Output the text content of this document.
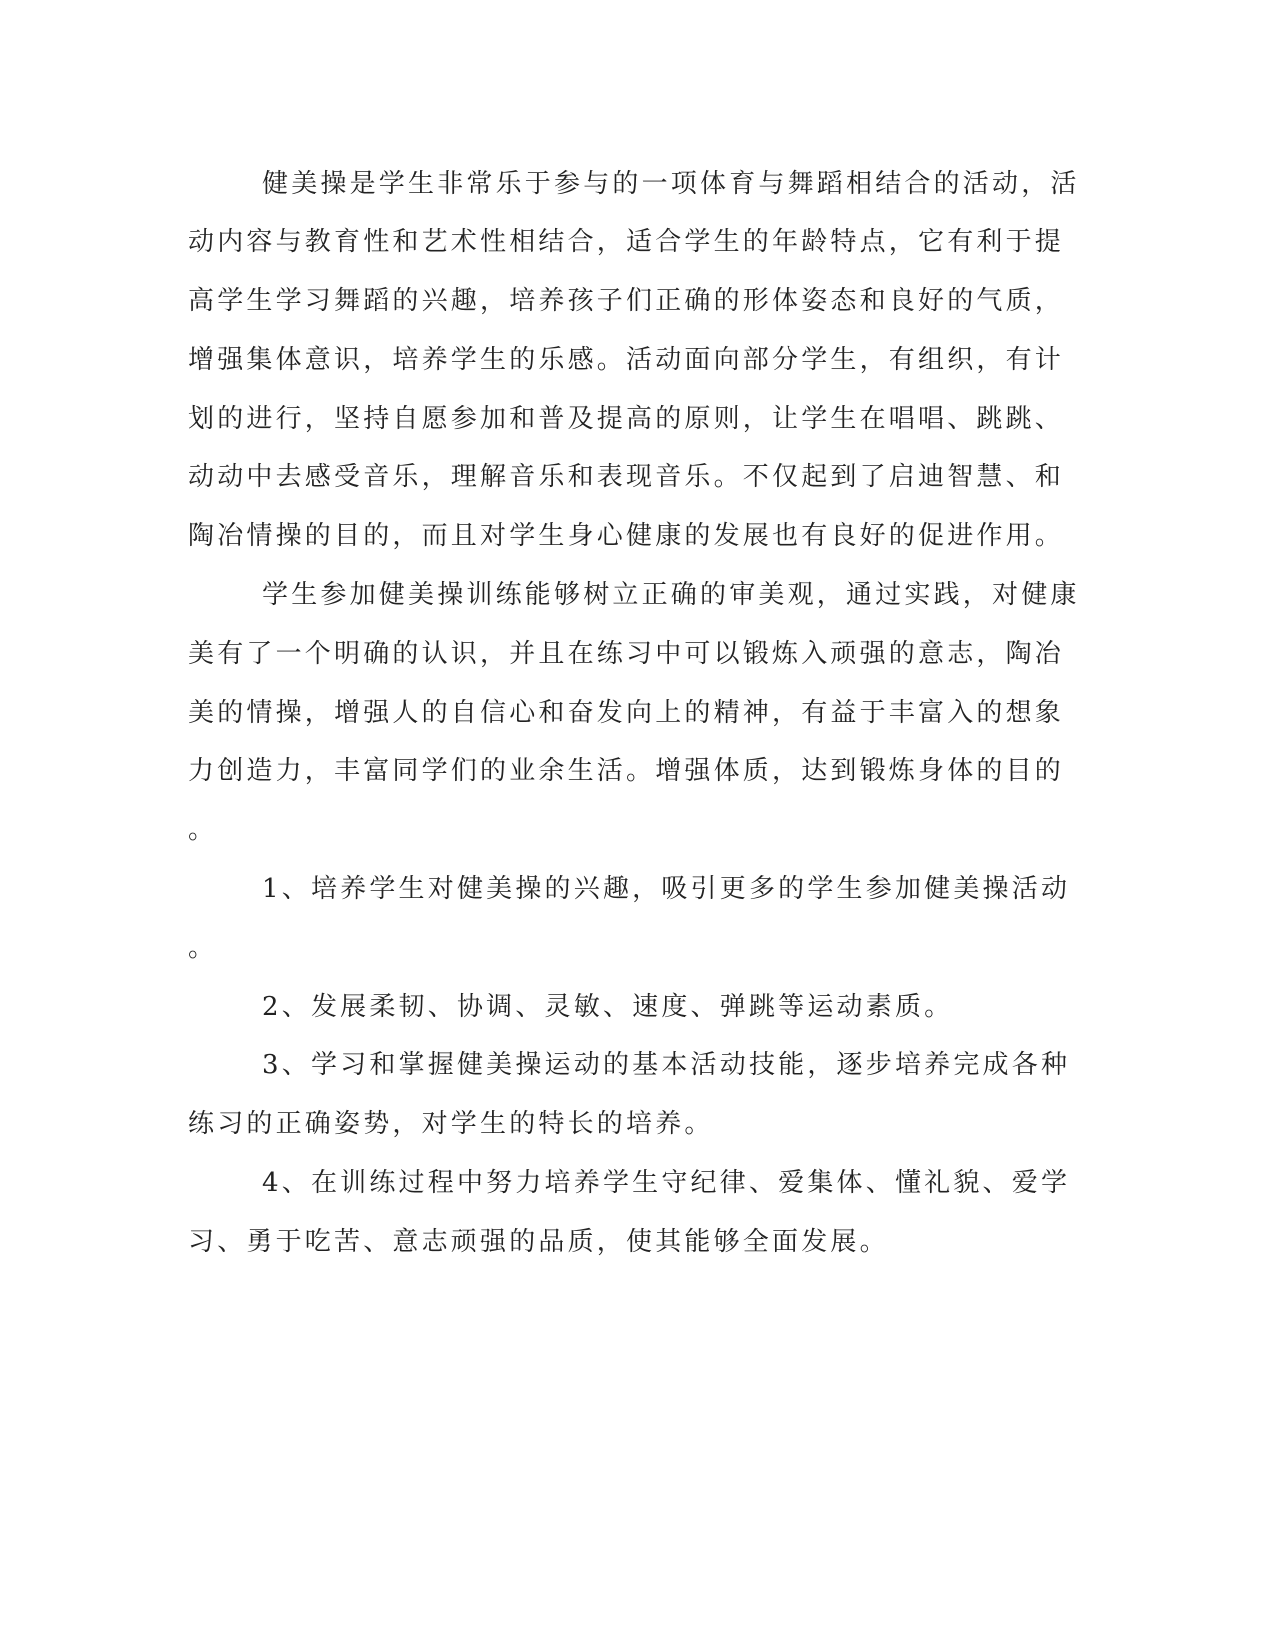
健美操是学生非常乐于参与的一项体育与舞蹈相结合的活动，活

动内容与教育性和艺术性相结合，适合学生的年龄特点，它有利于提

高学生学习舞蹈的兴趣，培养孩子们正确的形体姿态和良好的气质，

增强集体意识，培养学生的乐感。活动面向部分学生，有组织，有计

划的进行，坚持自愿参加和普及提高的原则，让学生在唱唱、跳跳、

动动中去感受音乐，理解音乐和表现音乐。不仅起到了启迪智慧、和

陶冶情操的目的，而且对学生身心健康的发展也有良好的促进作用。

学生参加健美操训练能够树立正确的审美观，通过实践，对健康

美有了一个明确的认识，并且在练习中可以锻炼入顽强的意志，陶冶

美的情操，增强人的自信心和奋发向上的精神，有益于丰富入的想象

力创造力，丰富同学们的业余生活。增强体质，达到锻炼身体的目的

。

1、培养学生对健美操的兴趣，吸引更多的学生参加健美操活动

。

2、发展柔韧、协调、灵敏、速度、弹跳等运动素质。

3、学习和掌握健美操运动的基本活动技能，逐步培养完成各种

练习的正确姿势，对学生的特长的培养。

4、在训练过程中努力培养学生守纪律、爱集体、懂礼貌、爱学

习、勇于吃苦、意志顽强的品质，使其能够全面发展。
